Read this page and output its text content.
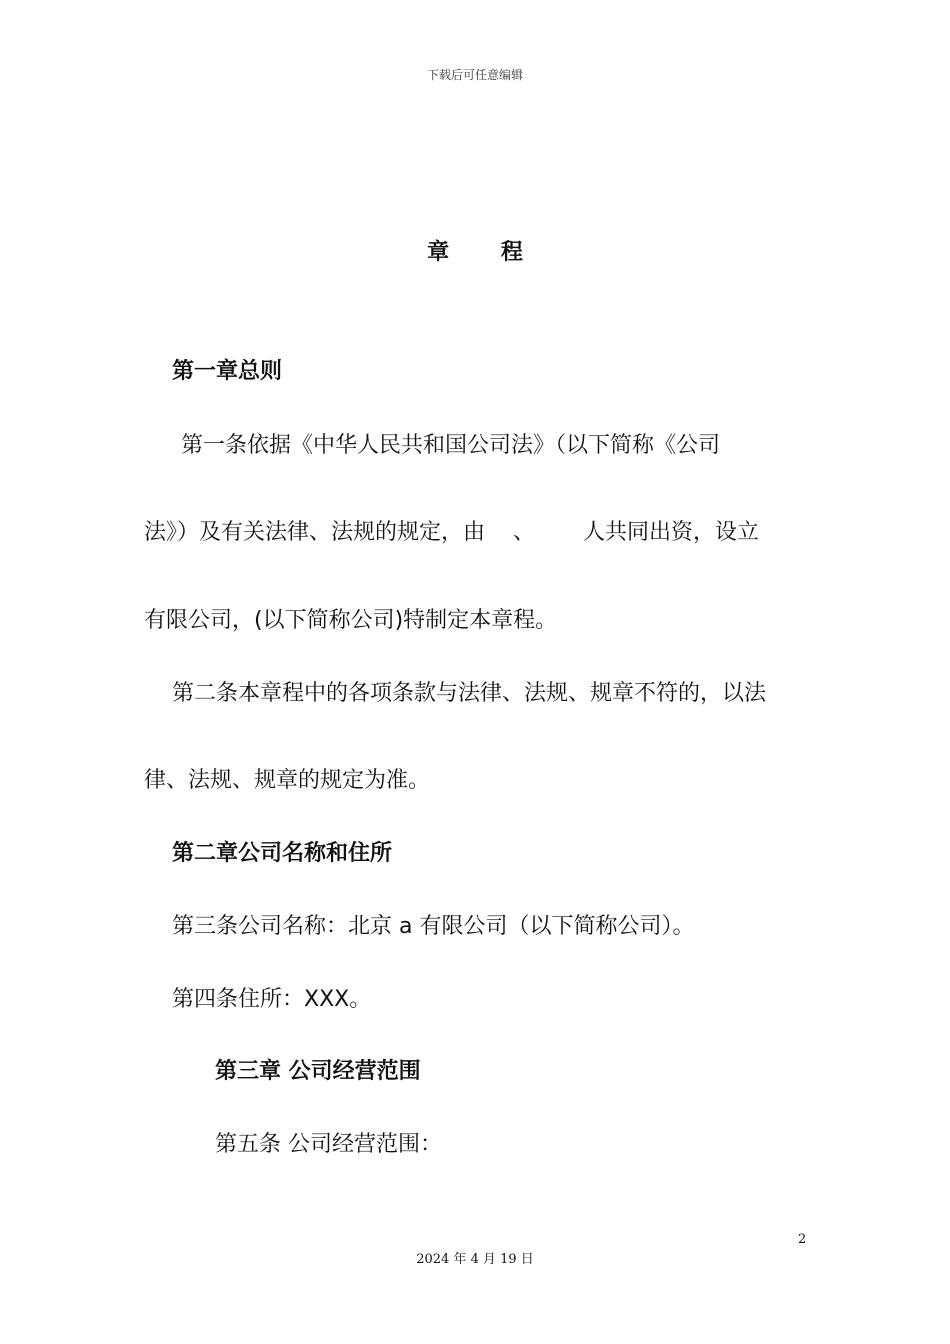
下载后可任意编辑
章 程
第一章总则
第一条依据《中华人民共和国公司法》（以下简称《公司
法》）及有关法律、法规的规定，由 、 人共同出资，设立
有限公司，(以下简称公司)特制定本章程。
第二条本章程中的各项条款与法律、法规、规章不符的，以法
律、法规、规章的规定为准。
第二章公司名称和住所
第三条公司名称：北京 a 有限公司（以下简称公司）。
第四条住所：XXX。
第三章 公司经营范围
第五条 公司经营范围：
2
2024 年 4 月 19 日
